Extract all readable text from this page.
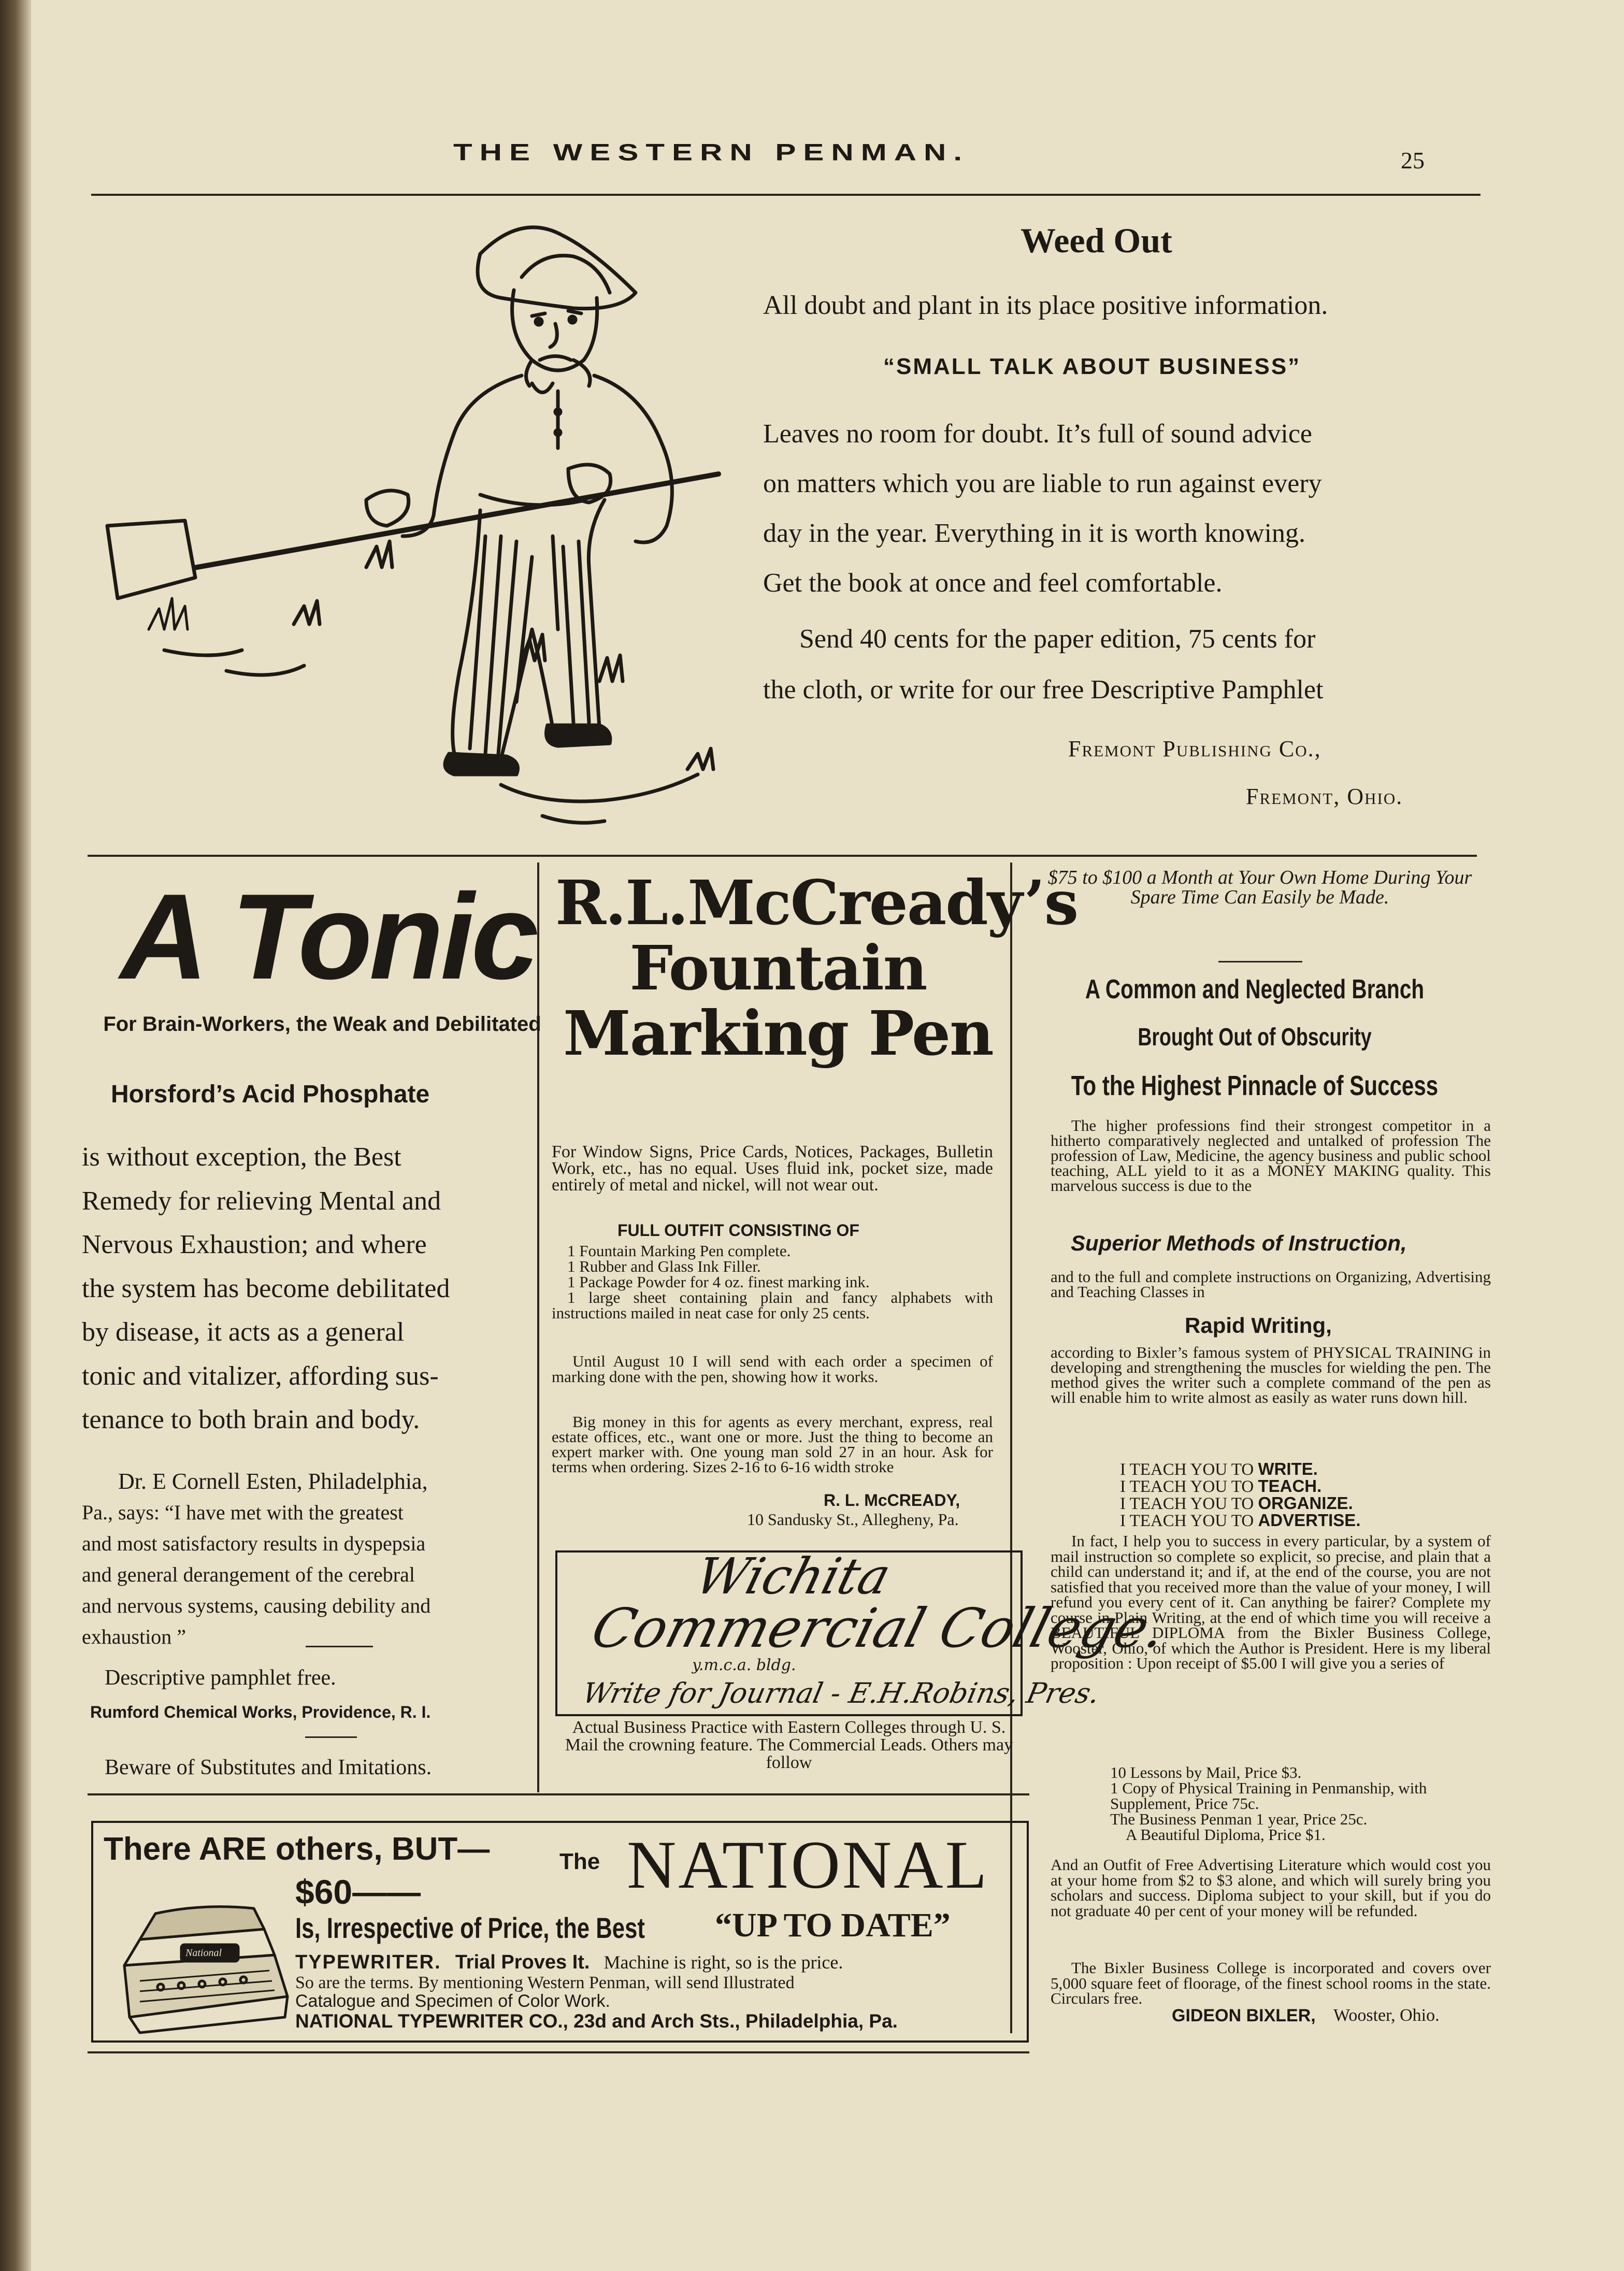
THE WESTERN PENMAN.	25
Weed Out
All doubt and plant in its place positive information.
“SMALL TALK ABOUT BUSINESS”

Leaves no room for doubt. It’s full of sound advice

on matters which you are liable to run against every

day in the year. Everything in it is worth knowing.

Get the book at once and feel comfortable.

Send 40 cents for the paper edition, 75 cents for

the cloth, or write for our free Descriptive Pamphlet

Fremont Publishing Co.,
Fremont, Ohio.
A Tonic
For Brain-Workers, the Weak and Debilitated
Horsford’s Acid Phosphate

is without exception, the Best

Remedy for relieving Mental and

Nervous Exhaustion; and where

the system has become debilitated

by disease, it acts as a general

tonic and vitalizer, affording sus-

tenance to both brain and body.

Dr. E Cornell Esten, Philadelphia,

Pa., says: “I have met with the greatest

and most satisfactory results in dyspepsia

and general derangement of the cerebral

and nervous systems, causing debility and

exhaustion ”

Descriptive pamphlet free.
Rumford Chemical Works, Providence, R. I.
Beware of Substitutes and Imitations.

R.L.McCready’s

Fountain

Marking Pen

For Window Signs, Price Cards, Notices, Packages, Bulletin Work, etc., has no equal. Uses fluid ink, pocket size, made entirely of metal and nickel, will not wear out.
FULL OUTFIT CONSISTING OF

1 Fountain Marking Pen complete.

1 Rubber and Glass Ink Filler.

1 Package Powder for 4 oz. finest marking ink.

1 large sheet containing plain and fancy alphabets with instructions mailed in neat case for only 25 cents.

Until August 10 I will send with each order a specimen of marking done with the pen, showing how it works.
Big money in this for agents as every merchant, express, real estate offices, etc., want one or more. Just the thing to become an expert marker with. One young man sold 27 in an hour. Ask for terms when ordering. Sizes 2-16 to 6-16 width stroke
R. L. McCREADY,
10 Sandusky St., Allegheny, Pa.
Wichita
Commercial College.
y.m.c.a. bldg.
Write for Journal - E.H.Robins, Pres.
Actual Business Practice with Eastern Colleges through U. S. Mail the crowning feature. The Commercial Leads. Others may follow
$75 to $100 a Month at Your Own Home During Your Spare Time Can Easily be Made.
A Common and Neglected Branch
Brought Out of Obscurity
To the Highest Pinnacle of Success
The higher professions find their strongest competitor in a hitherto comparatively neglected and untalked of profession The profession of Law, Medicine, the agency business and public school teaching, ALL yield to it as a MONEY MAKING quality. This marvelous success is due to the
Superior Methods of Instruction,
and to the full and complete instructions on Organizing, Advertising and Teaching Classes in
Rapid Writing,
according to Bixler’s famous system of PHYSICAL TRAINING in developing and strengthening the muscles for wielding the pen. The method gives the writer such a complete command of the pen as will enable him to write almost as easily as water runs down hill.

I TEACH YOU TO WRITE.

I TEACH YOU TO TEACH.

I TEACH YOU TO ORGANIZE.

I TEACH YOU TO ADVERTISE.

In fact, I help you to success in every particular, by a system of mail instruction so complete so explicit, so precise, and plain that a child can understand it; and if, at the end of the course, you are not satisfied that you received more than the value of your money, I will refund you every cent of it. Can anything be fairer? Complete my course in Plain Writing, at the end of which time you will receive a BEAUTIFUL DIPLOMA from the Bixler Business College, Wooster, Ohio, of which the Author is President. Here is my liberal proposition : Upon receipt of $5.00 I will give you a series of

10 Lessons by Mail, Price $3.

1 Copy of Physical Training in Penmanship, with Supplement, Price 75c.

The Business Penman 1 year, Price 25c.

A Beautiful Diploma, Price $1.

And an Outfit of Free Advertising Literature which would cost you at your home from $2 to $3 alone, and which will surely bring you scholars and success. Diploma subject to your skill, but if you do not graduate 40 per cent of your money will be refunded.
The Bixler Business College is incorporated and covers over 5,000 square feet of floorage, of the finest school rooms in the state. Circulars free.
GIDEON BIXLER, Wooster, Ohio.
There ARE others, BUT—
$60——
The NATIONAL
Is, Irrespective of Price, the Best “UP TO DATE”
National	TYPEWRITER. Trial Proves It. Machine is right, so is the price.
So are the terms. By mentioning Western Penman, will send Illustrated
Catalogue and Specimen of Color Work.
NATIONAL TYPEWRITER CO., 23d and Arch Sts., Philadelphia, Pa.
